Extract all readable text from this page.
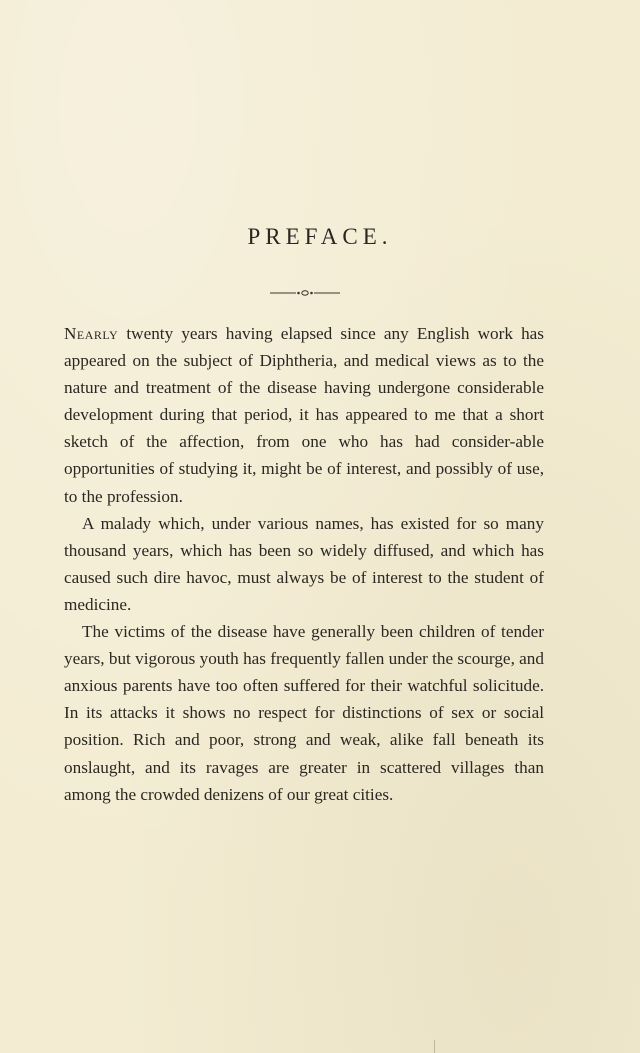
PREFACE.

Nearly twenty years having elapsed since any English work has appeared on the subject of Diphtheria, and medical views as to the nature and treatment of the disease having undergone considerable development during that period, it has appeared to me that a short sketch of the affection, from one who has had consider-able opportunities of studying it, might be of interest, and possibly of use, to the profession.

A malady which, under various names, has existed for so many thousand years, which has been so widely diffused, and which has caused such dire havoc, must always be of interest to the student of medicine.

The victims of the disease have generally been children of tender years, but vigorous youth has frequently fallen under the scourge, and anxious parents have too often suffered for their watchful solicitude. In its attacks it shows no respect for distinctions of sex or social position. Rich and poor, strong and weak, alike fall beneath its onslaught, and its ravages are greater in scattered villages than among the crowded denizens of our great cities.
